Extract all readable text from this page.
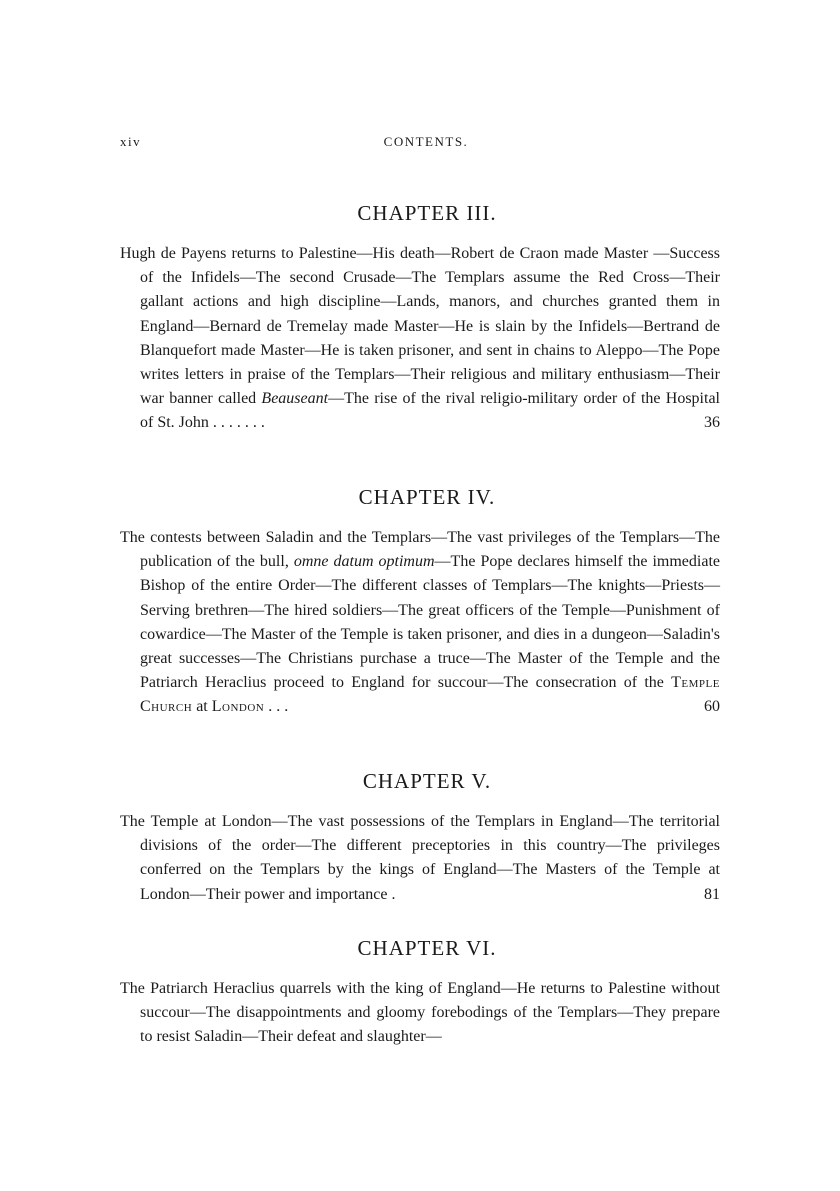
xiv	CONTENTS.
CHAPTER III.

Hugh de Payens returns to Palestine—His death—Robert de Craon made Master —Success of the Infidels—The second Crusade—The Templars assume the Red Cross—Their gallant actions and high discipline—Lands, manors, and churches granted them in England—Bernard de Tremelay made Master—He is slain by the Infidels—Bertrand de Blanquefort made Master—He is taken prisoner, and sent in chains to Aleppo—The Pope writes letters in praise of the Templars—Their religious and military enthusiasm—Their war banner called Beauseant—The rise of the rival religio-military order of the Hospital of St. John . . . . . . .	36

CHAPTER IV.

The contests between Saladin and the Templars—The vast privileges of the Templars—The publication of the bull, omne datum optimum—The Pope declares himself the immediate Bishop of the entire Order—The different classes of Templars—The knights—Priests—Serving brethren—The hired soldiers—The great officers of the Temple—Punishment of cowardice—The Master of the Temple is taken prisoner, and dies in a dungeon—Saladin's great successes—The Christians purchase a truce—The Master of the Temple and the Patriarch Heraclius proceed to England for succour—The consecration of the Temple Church at London . . .	60

CHAPTER V.

The Temple at London—The vast possessions of the Templars in England—The territorial divisions of the order—The different preceptories in this country—The privileges conferred on the Templars by the kings of England—The Masters of the Temple at London—Their power and importance .	81

CHAPTER VI.

The Patriarch Heraclius quarrels with the king of England—He returns to Palestine without succour—The disappointments and gloomy forebodings of the Templars—They prepare to resist Saladin—Their defeat and slaughter—
